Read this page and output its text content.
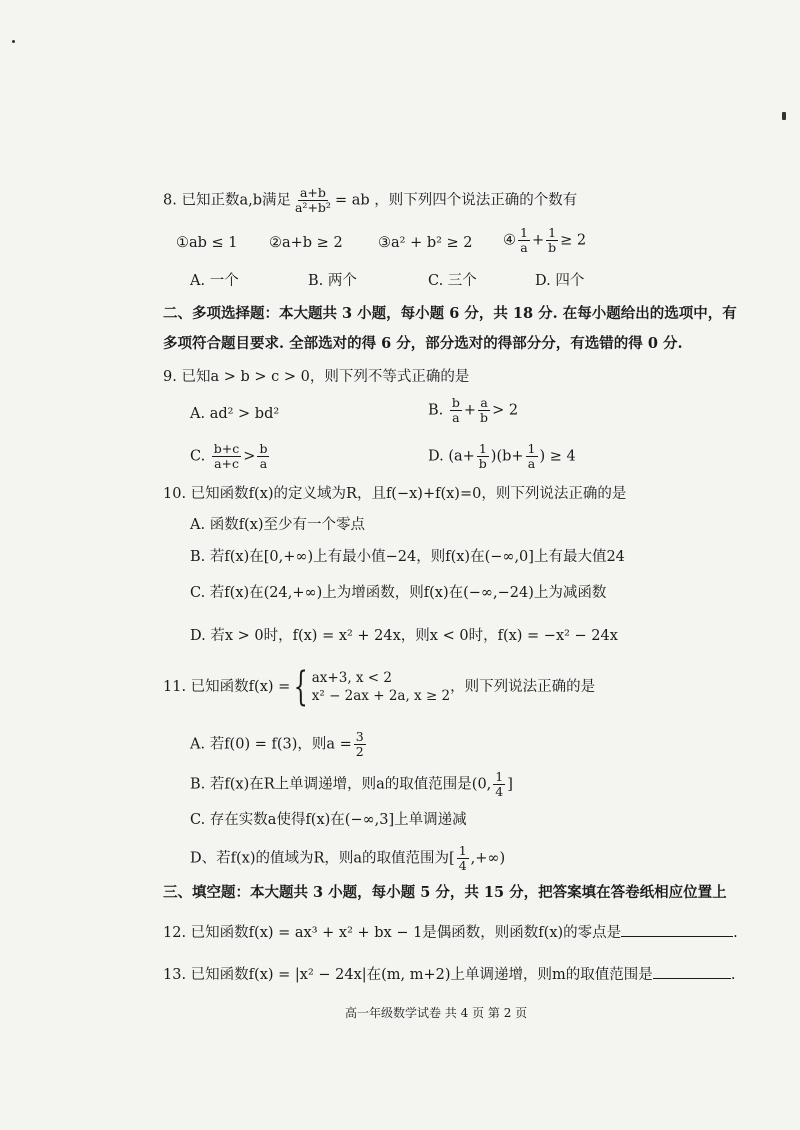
8. 已知正数a,b满足 $\frac{a+b}{\text{a²+b²}}$ = ab ，则下列四个说法正确的个数有
①ab ≤ 1 ②a+b ≥ 2 ③a² + b² ≥ 2 ④ $\frac{1}{a} + \frac{1}{b} \ge 2$
A. 一个	B. 两个	C. 三个	D. 四个
二、多项选择题：本大题共 3 小题，每小题 6 分，共 18 分. 在每小题给出的选项中，有
多项符合题目要求. 全部选对的得 6 分，部分选对的得部分分，有选错的得 0 分.
9. 已知a > b > c > 0，则下列不等式正确的是
A. ad² > bd²	B. $\frac{b}{a} + \frac{a}{b} > 2$
C. $\frac{b+c}{a+c} > \frac{b}{a}$	D. $(a+ \frac{1}{b} )(b+ \frac{1}{a}$ ) ≥ 4
10. 已知函数f(x)的定义域为R，且f(−x)+f(x)=0，则下列说法正确的是
A. 函数f(x)至少有一个零点
B. 若f(x)在[0,+∞)上有最小值−24，则f(x)在(−∞,0]上有最大值24
C. 若f(x)在(24,+∞)上为增函数，则f(x)在(−∞,−24)上为减函数
D. 若x > 0时，f(x) = x² + 24x，则x < 0时，f(x) = −x² − 24x
11. 已知函数f(x) = { ax+3, x < 2
x² − 2ax + 2a, x ≥ 2
，则下列说法正确的是
A. 若f(0) = f(3)，则$a = \frac{3}{2}$
B. 若f(x)在R上单调递增，则a的取值范围是(0, $\frac{1}{4}$ ]
C. 存在实数a使得f(x)在(−∞,3]上单调递减
D、若f(x)的值域为R，则a的取值范围为[ $\frac{1}{4}$ ,+∞)
三、填空题：本大题共 3 小题，每小题 5 分，共 15 分，把答案填在答卷纸相应位置上
12. 已知函数f(x) = ax³ + x² + bx − 1是偶函数，则函数f(x)的零点是	.
13. 已知函数f(x) = |x² − 24x|在(m, m+2)上单调递增，则m的取值范围是	.
高一年级数学试卷 共 4 页 第 2 页
